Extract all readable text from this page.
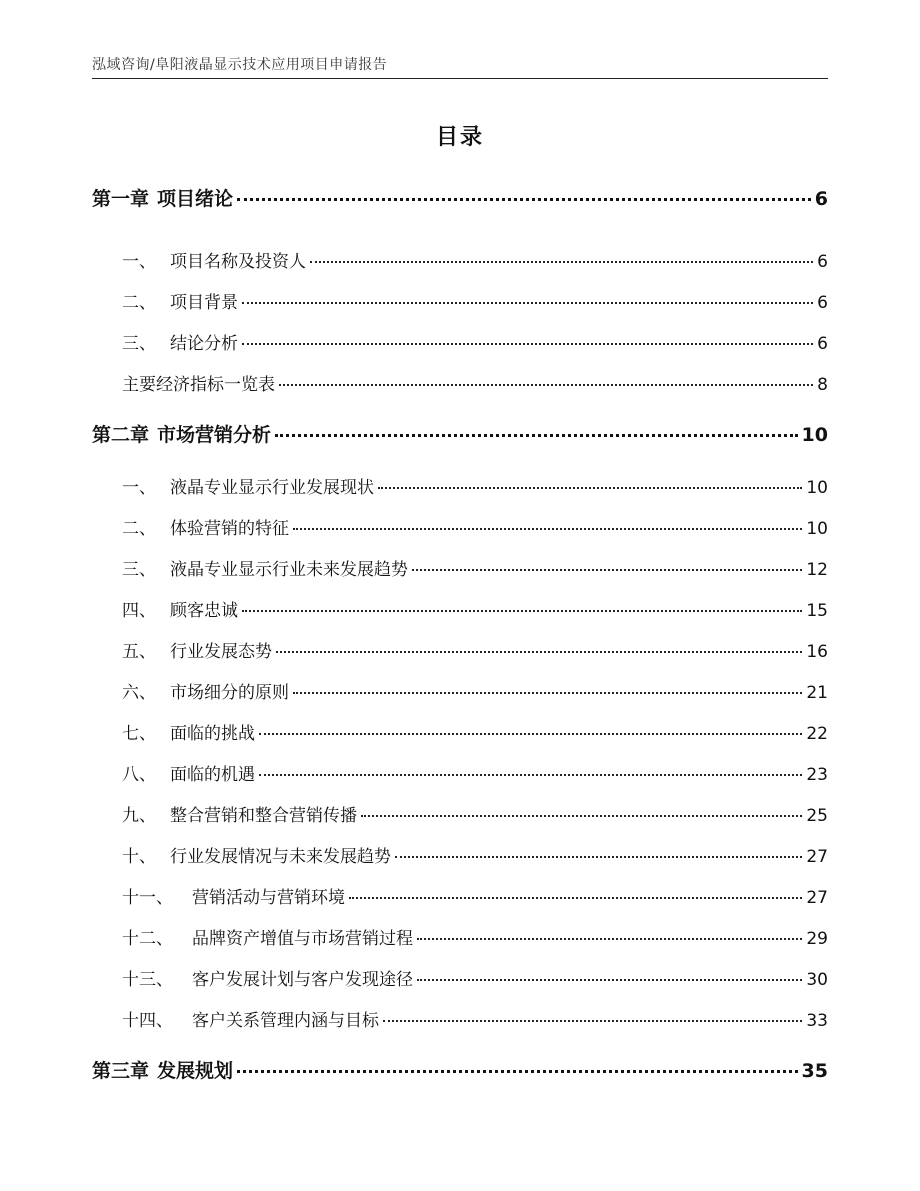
泓域咨询/阜阳液晶显示技术应用项目申请报告
目录
第一章 项目绪论	6
一、 项目名称及投资人	6
二、 项目背景	6
三、 结论分析	6
主要经济指标一览表	8
第二章 市场营销分析	10
一、 液晶专业显示行业发展现状	10
二、 体验营销的特征	10
三、 液晶专业显示行业未来发展趋势	12
四、 顾客忠诚	15
五、 行业发展态势	16
六、 市场细分的原则	21
七、 面临的挑战	22
八、 面临的机遇	23
九、 整合营销和整合营销传播	25
十、 行业发展情况与未来发展趋势	27
十一、	营销活动与营销环境	27
十二、	品牌资产增值与市场营销过程	29
十三、	客户发展计划与客户发现途径	30
十四、	客户关系管理内涵与目标	33
第三章 发展规划	35
